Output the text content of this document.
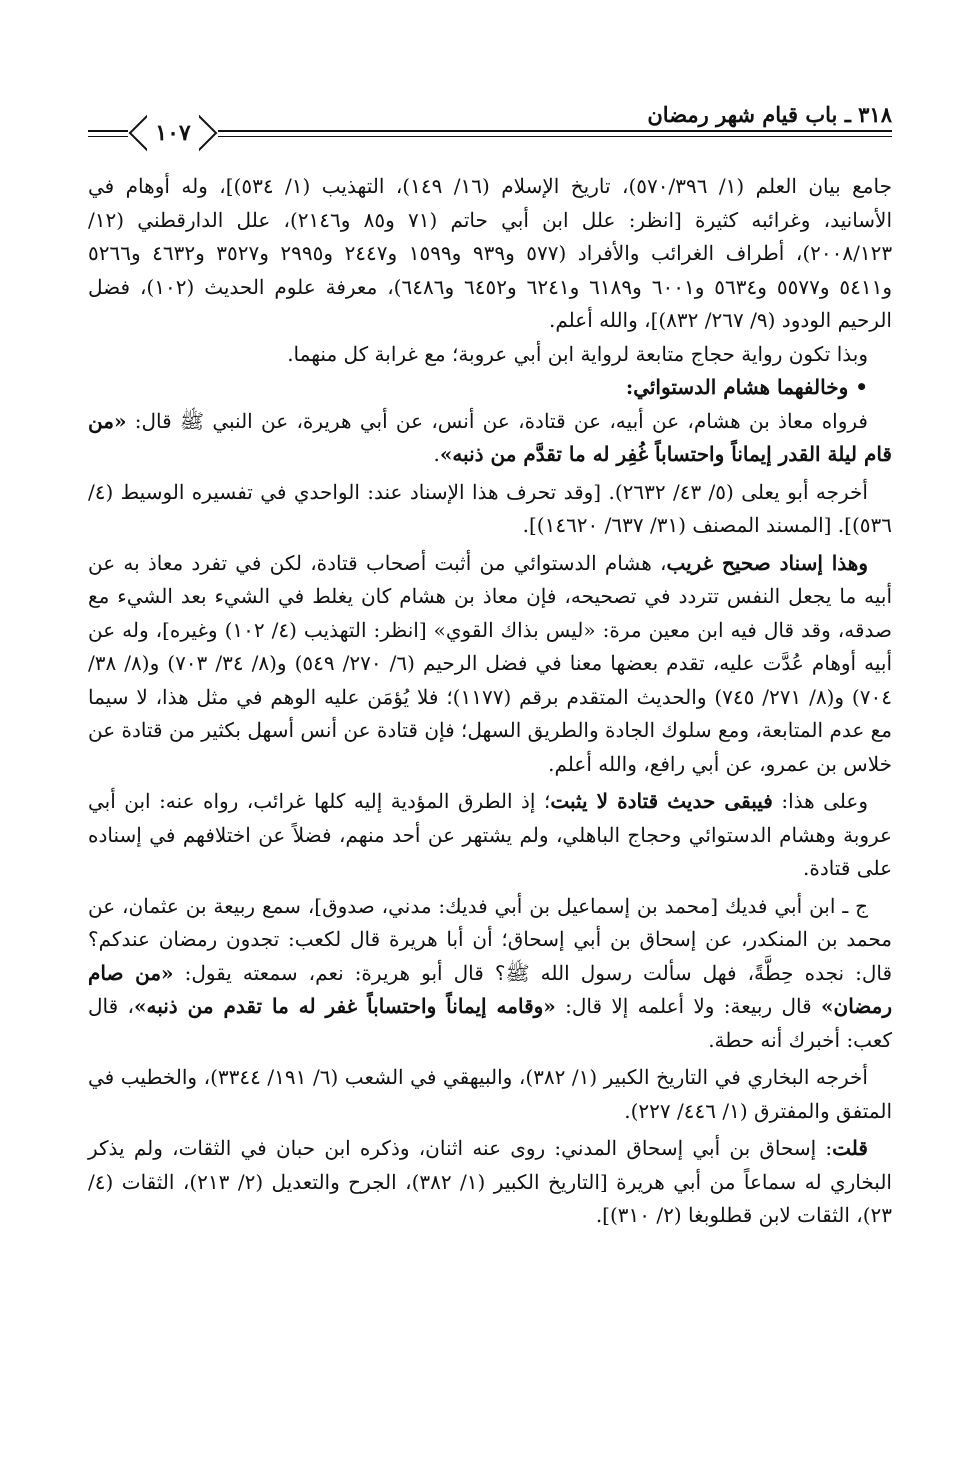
٣١٨ ـ باب قيام شهر رمضان
١٠٧

جامع بيان العلم (١/ ٥٧٠/٣٩٦)، تاريخ الإسلام (١٦/ ١٤٩)، التهذيب (١/ ٥٣٤)]، وله أوهام في الأسانيد، وغرائبه كثيرة [انظر: علل ابن أبي حاتم (٧١ و٨٥ و٢١٤٦)، علل الدارقطني (١٢/ ٢٠٠٨/١٢٣)، أطراف الغرائب والأفراد (٥٧٧ و٩٣٩ و١٥٩٩ و٢٤٤٧ و٢٩٩٥ و٣٥٢٧ و٤٦٣٢ و٥٢٦٦ و٥٤١١ و٥٥٧٧ و٥٦٣٤ و٦٠٠١ و٦١٨٩ و٦٢٤١ و٦٤٥٢ و٦٤٨٦)، معرفة علوم الحديث (١٠٢)، فضل الرحيم الودود (٩/ ٢٦٧/ ٨٣٢)]، والله أعلم.

وبذا تكون رواية حجاج متابعة لرواية ابن أبي عروبة؛ مع غرابة كل منهما.

• وخالفهما هشام الدستوائي:

فرواه معاذ بن هشام، عن أبيه، عن قتادة، عن أنس، عن أبي هريرة، عن النبي ﷺ قال: «من قام ليلة القدر إيماناً واحتساباً غُفِر له ما تقدَّم من ذنبه».

أخرجه أبو يعلى (٥/ ٤٣/ ٢٦٣٢). [وقد تحرف هذا الإسناد عند: الواحدي في تفسيره الوسيط (٤/ ٥٣٦)]. [المسند المصنف (٣١/ ٦٣٧/ ١٤٦٢٠)].

وهذا إسناد صحيح غريب، هشام الدستوائي من أثبت أصحاب قتادة، لكن في تفرد معاذ به عن أبيه ما يجعل النفس تتردد في تصحيحه، فإن معاذ بن هشام كان يغلط في الشيء بعد الشيء مع صدقه، وقد قال فيه ابن معين مرة: «ليس بذاك القوي» [انظر: التهذيب (٤/ ١٠٢) وغيره]، وله عن أبيه أوهام عُدَّت عليه، تقدم بعضها معنا في فضل الرحيم (٦/ ٢٧٠/ ٥٤٩) و(٨/ ٣٤/ ٧٠٣) و(٨/ ٣٨/ ٧٠٤) و(٨/ ٢٧١/ ٧٤٥) والحديث المتقدم برقم (١١٧٧)؛ فلا يُؤمَن عليه الوهم في مثل هذا، لا سيما مع عدم المتابعة، ومع سلوك الجادة والطريق السهل؛ فإن قتادة عن أنس أسهل بكثير من قتادة عن خلاس بن عمرو، عن أبي رافع، والله أعلم.

وعلى هذا: فيبقى حديث قتادة لا يثبت؛ إذ الطرق المؤدية إليه كلها غرائب، رواه عنه: ابن أبي عروبة وهشام الدستوائي وحجاج الباهلي، ولم يشتهر عن أحد منهم، فضلاً عن اختلافهم في إسناده على قتادة.

ج ـ ابن أبي فديك [محمد بن إسماعيل بن أبي فديك: مدني، صدوق]، سمع ربيعة بن عثمان، عن محمد بن المنكدر، عن إسحاق بن أبي إسحاق؛ أن أبا هريرة قال لكعب: تجدون رمضان عندكم؟ قال: نجده حِطَّةً، فهل سألت رسول الله ﷺ؟ قال أبو هريرة: نعم، سمعته يقول: «من صام رمضان» قال ربيعة: ولا أعلمه إلا قال: «وقامه إيماناً واحتساباً غفر له ما تقدم من ذنبه»، قال كعب: أخبرك أنه حطة.

أخرجه البخاري في التاريخ الكبير (١/ ٣٨٢)، والبيهقي في الشعب (٦/ ١٩١/ ٣٣٤٤)، والخطيب في المتفق والمفترق (١/ ٤٤٦/ ٢٢٧).

قلت: إسحاق بن أبي إسحاق المدني: روى عنه اثنان، وذكره ابن حبان في الثقات، ولم يذكر البخاري له سماعاً من أبي هريرة [التاريخ الكبير (١/ ٣٨٢)، الجرح والتعديل (٢/ ٢١٣)، الثقات (٤/ ٢٣)، الثقات لابن قطلوبغا (٢/ ٣١٠)].
